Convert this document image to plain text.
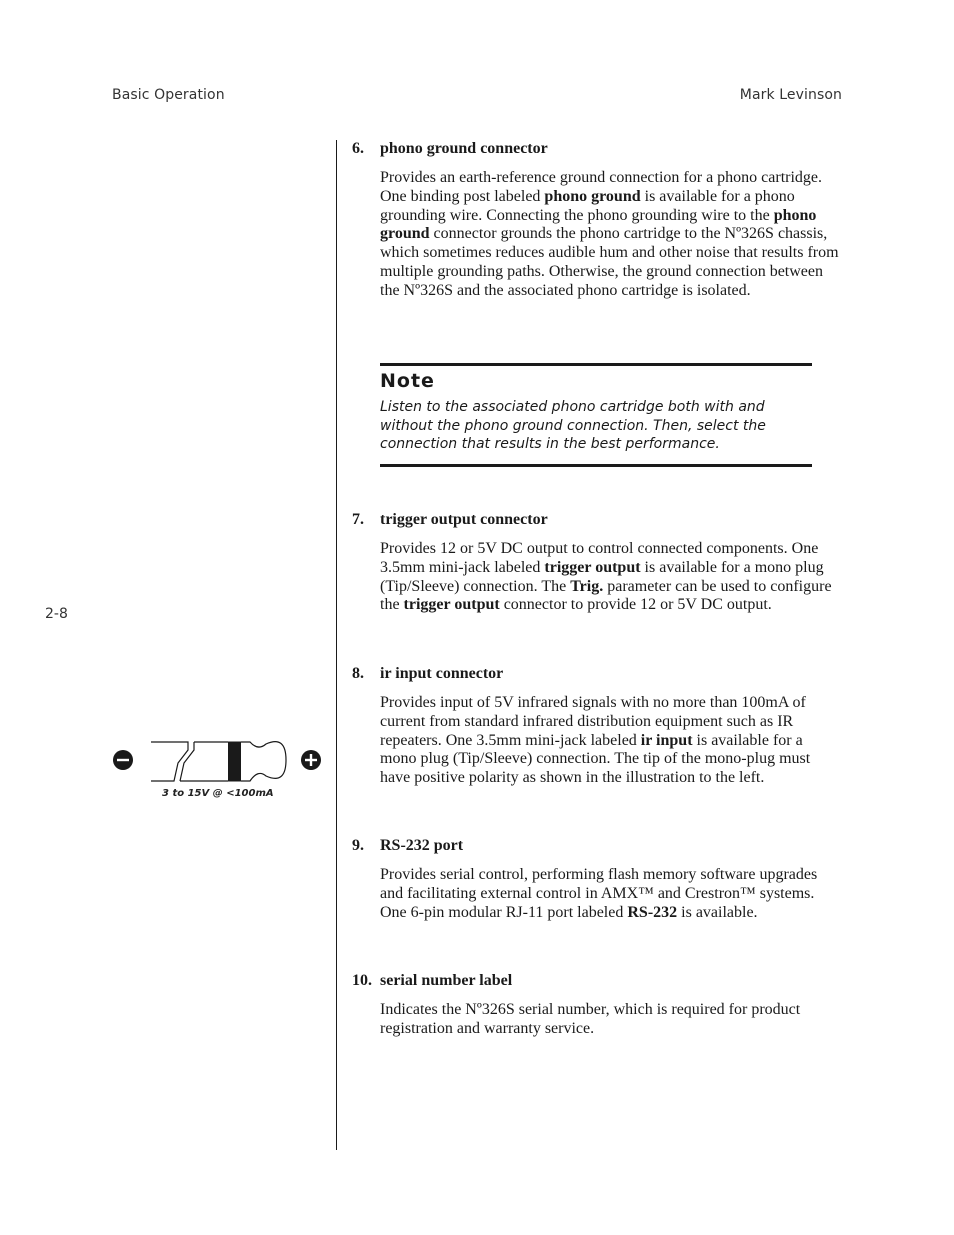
Basic Operation	Mark Levinson
2-8

6.	phono ground connector

Provides an earth-reference ground connection for a phono cartridge. One binding post labeled phono ground is available for a phono grounding wire. Connecting the phono grounding wire to the phono ground connector grounds the phono cartridge to the Nº326S chassis, which sometimes reduces audible hum and other noise that results from multiple grounding paths. Otherwise, the ground connection between the Nº326S and the associated phono cartridge is isolated.

Note

Listen to the associated phono cartridge both with and without the phono ground connection. Then, select the connection that results in the best performance.

7.	trigger output connector

Provides 12 or 5V DC output to control connected components. One 3.5mm mini-jack labeled trigger output is available for a mono plug (Tip/Sleeve) connection. The Trig. parameter can be used to configure the trigger output connector to provide 12 or 5V DC output.

8.	ir input connector

Provides input of 5V infrared signals with no more than 100mA of current from standard infrared distribution equipment such as IR repeaters. One 3.5mm mini-jack labeled ir input is available for a mono plug (Tip/Sleeve) connection. The tip of the mono-plug must have positive polarity as shown in the illustration to the left.

9.	RS-232 port

Provides serial control, performing flash memory software upgrades and facilitating external control in AMX™ and Crestron™ systems. One 6-pin modular RJ-11 port labeled RS-232 is available.

10. serial number label

Indicates the Nº326S serial number, which is required for product registration and warranty service.

3 to 15V @ <100mA
